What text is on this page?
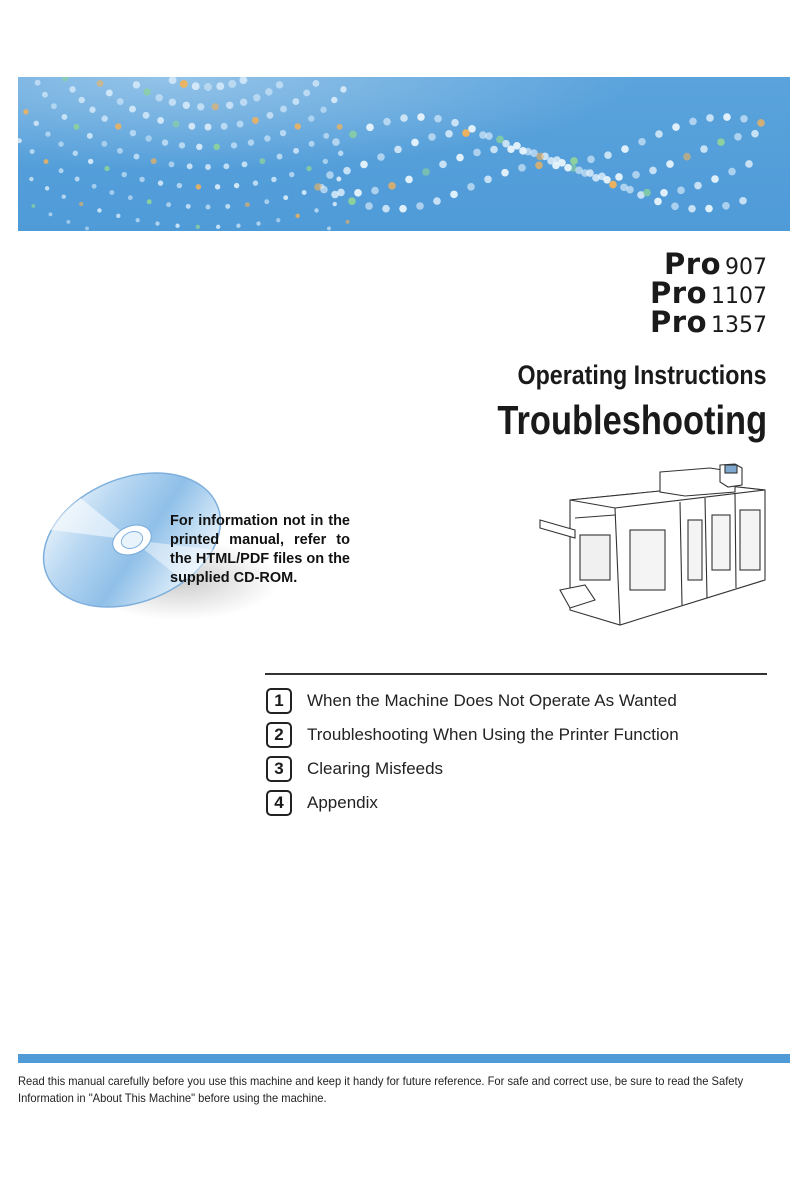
Pro 907
Pro 1107
Pro 1357
Operating Instructions
Troubleshooting
For information not in the printed manual, refer to the HTML/PDF files on the supplied CD-ROM.
1	When the Machine Does Not Operate As Wanted
2	Troubleshooting When Using the Printer Function
3	Clearing Misfeeds
4	Appendix
Read this manual carefully before you use this machine and keep it handy for future reference. For safe and correct use, be sure to read the Safety Information in "About This Machine" before using the machine.
